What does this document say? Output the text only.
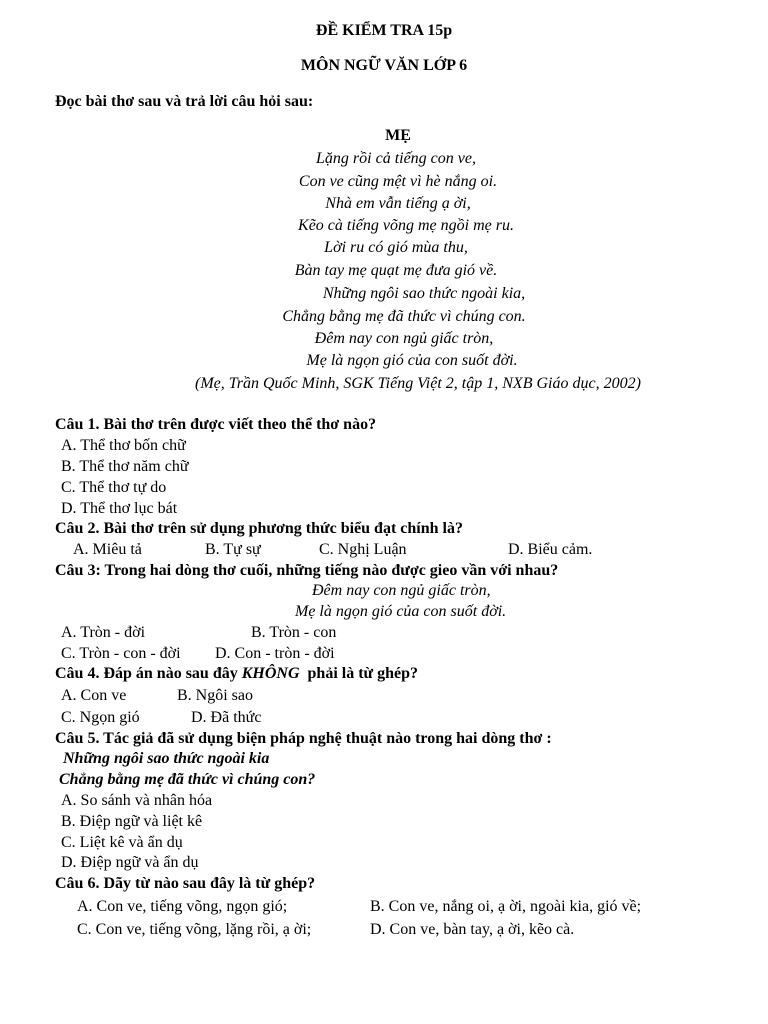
ĐỀ KIỂM TRA 15p
MÔN NGỮ VĂN LỚP 6
Đọc bài thơ sau và trả lời câu hỏi sau:
MẸ
Lặng rồi cả tiếng con ve,
Con ve cũng mệt vì hè nắng oi.
Nhà em vẫn tiếng ạ ời,
Kẽo cà tiếng võng mẹ ngồi mẹ ru.
Lời ru có gió mùa thu,
Bàn tay mẹ quạt mẹ đưa gió về.
Những ngôi sao thức ngoài kia,
Chẳng bằng mẹ đã thức vì chúng con.
Đêm nay con ngủ giấc tròn,
Mẹ là ngọn gió của con suốt đời.
(Mẹ, Trần Quốc Minh, SGK Tiếng Việt 2, tập 1, NXB Giáo dục, 2002)
Câu 1. Bài thơ trên được viết theo thể thơ nào?
A. Thể thơ bốn chữ
B. Thể thơ năm chữ
C. Thể thơ tự do
D. Thể thơ lục bát
Câu 2. Bài thơ trên sử dụng phương thức biểu đạt chính là?
A. Miêu tả	B. Tự sự	C. Nghị Luận	D. Biểu cảm.
Câu 3: Trong hai dòng thơ cuối, những tiếng nào được gieo vần với nhau?
Đêm nay con ngủ giấc tròn,
Mẹ là ngọn gió của con suốt đời.
A. Tròn - đời	B. Tròn - con
C. Tròn - con - đời D. Con - tròn - đời
Câu 4. Đáp án nào sau đây KHÔNG  phải là từ ghép?
A. Con ve	B. Ngôi sao
C. Ngọn gió	D. Đã thức
Câu 5. Tác giả đã sử dụng biện pháp nghệ thuật nào trong hai dòng thơ :
Những ngôi sao thức ngoài kia
Chẳng bằng mẹ đã thức vì chúng con?
A. So sánh và nhân hóa
B. Điệp ngữ và liệt kê
C. Liệt kê và ẩn dụ
D. Điệp ngữ và ẩn dụ
Câu 6. Dãy từ nào sau đây là từ ghép?
A. Con ve, tiếng võng, ngọn gió;	B. Con ve, nắng oi, ạ ời, ngoài kia, gió về;
C. Con ve, tiếng võng, lặng rồi, ạ ời;	D. Con ve, bàn tay, ạ ời, kẽo cà.
